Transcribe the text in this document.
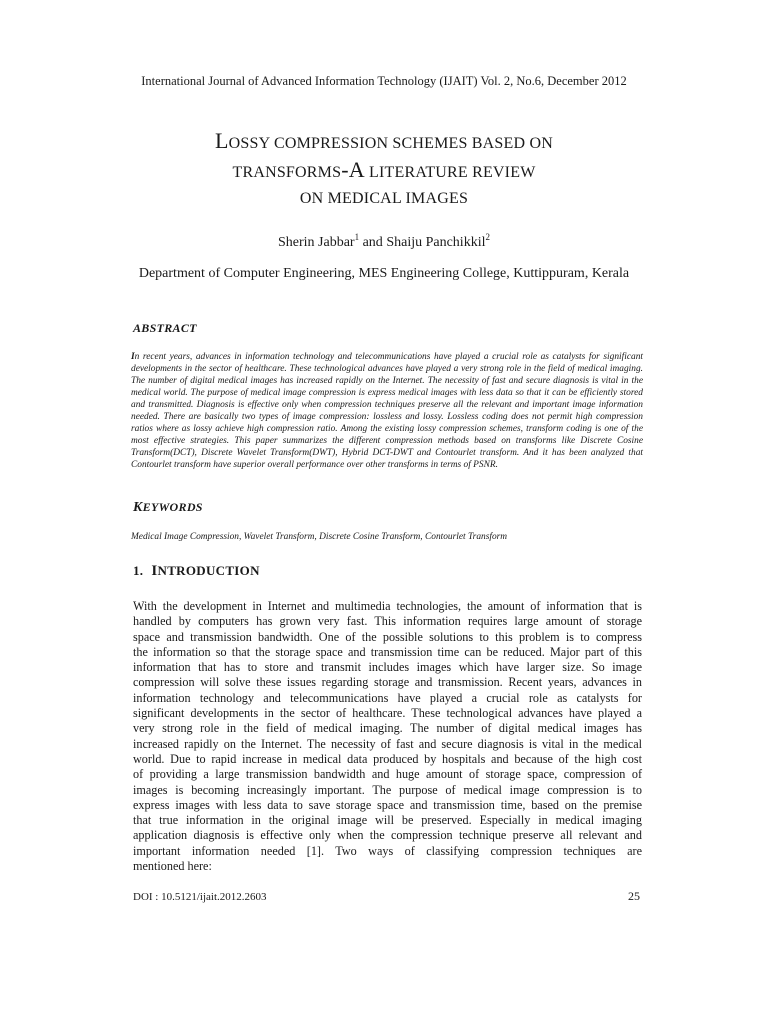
International Journal of Advanced Information Technology (IJAIT) Vol. 2, No.6, December 2012
LOSSY COMPRESSION SCHEMES BASED ON
TRANSFORMS-A LITERATURE REVIEW
ON MEDICAL IMAGES
Sherin Jabbar$^1$ and Shaiju Panchikkil$^2$
Department of Computer Engineering, MES Engineering College, Kuttippuram, Kerala
ABSTRACT
In recent years, advances in information technology and telecommunications have played a crucial role as catalysts for significant developments in the sector of healthcare. These technological advances have played a very strong role in the field of medical imaging. The number of digital medical images has increased rapidly on the Internet. The necessity of fast and secure diagnosis is vital in the medical world. The purpose of medical image compression is express medical images with less data so that it can be efficiently stored and transmitted. Diagnosis is effective only when compression techniques preserve all the relevant and important image information needed. There are basically two types of image compression: lossless and lossy. Lossless coding does not permit high compression ratios where as lossy achieve high compression ratio. Among the existing lossy compression schemes, transform coding is one of the most effective strategies. This paper summarizes the different compression methods based on transforms like Discrete Cosine Transform(DCT), Discrete Wavelet Transform(DWT), Hybrid DCT-DWT and Contourlet transform. And it has been analyzed that Contourlet transform have superior overall performance over other transforms in terms of PSNR.
KEYWORDS
Medical Image Compression, Wavelet Transform, Discrete Cosine Transform, Contourlet Transform
1. INTRODUCTION
With the development in Internet and multimedia technologies, the amount of information that is
handled by computers has grown very fast. This information requires large amount of storage
space and transmission bandwidth. One of the possible solutions to this problem is to compress
the information so that the storage space and transmission time can be reduced. Major part of this
information that has to store and transmit includes images which have larger size. So image
compression will solve these issues regarding storage and transmission. Recent years, advances in
information technology and telecommunications have played a crucial role as catalysts for
significant developments in the sector of healthcare. These technological advances have played a
very strong role in the field of medical imaging. The number of digital medical images has
increased rapidly on the Internet. The necessity of fast and secure diagnosis is vital in the medical
world. Due to rapid increase in medical data produced by hospitals and because of the high cost
of providing a large transmission bandwidth and huge amount of storage space, compression of
images is becoming increasingly important. The purpose of medical image compression is to
express images with less data to save storage space and transmission time, based on the premise
that true information in the original image will be preserved. Especially in medical imaging
application diagnosis is effective only when the compression technique preserve all relevant and
important information needed [1]. Two ways of classifying compression techniques are
mentioned here:
DOI : 10.5121/ijait.2012.2603	25
